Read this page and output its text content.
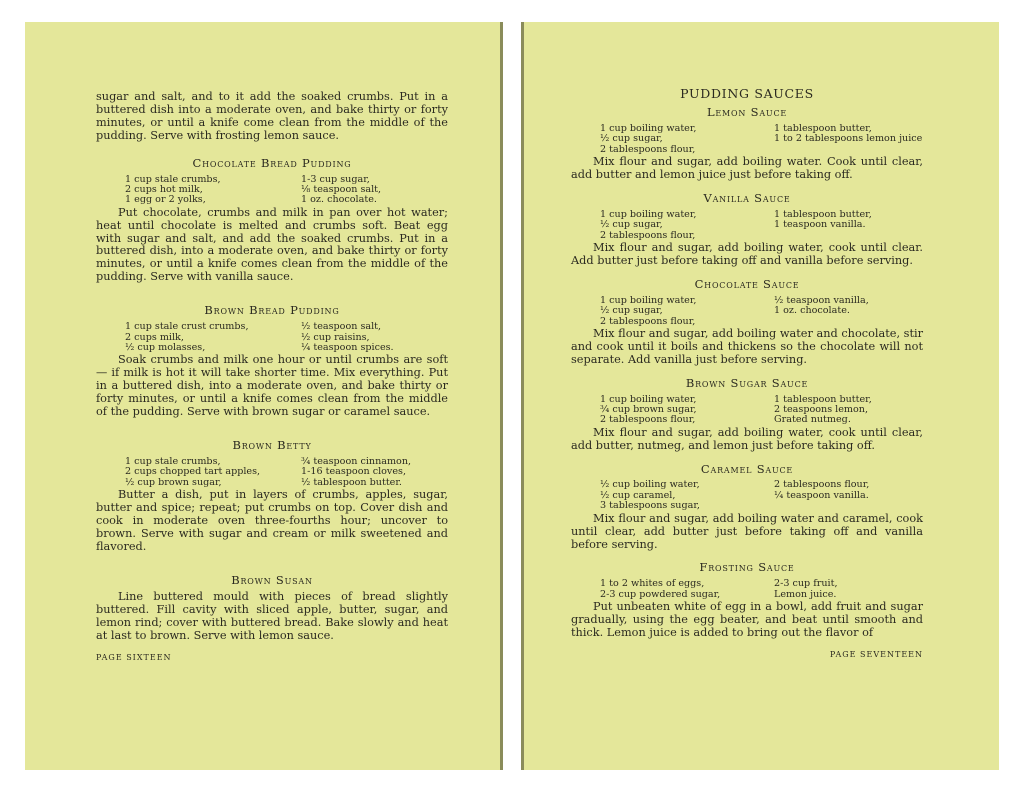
sugar and salt, and to it add the soaked crumbs. Put in a buttered dish into a moderate oven, and bake thirty or forty minutes, or until a knife come clean from the middle of the pudding. Serve with frosting lemon sauce.

Chocolate Bread Pudding
1 cup stale crumbs,	1-3 cup sugar,
2 cups hot milk,	⅛ teaspoon salt,
1 egg or 2 yolks,	1 oz. chocolate.

Put chocolate, crumbs and milk in pan over hot water; heat until chocolate is melted and crumbs soft. Beat egg with sugar and salt, and add the soaked crumbs. Put in a buttered dish, into a moderate oven, and bake thirty or forty minutes, or until a knife comes clean from the middle of the pudding. Serve with vanilla sauce.

Brown Bread Pudding
1 cup stale crust crumbs,	½ teaspoon salt,
2 cups milk,	½ cup raisins,
½ cup molasses,	¼ teaspoon spices.

Soak crumbs and milk one hour or until crumbs are soft — if milk is hot it will take shorter time. Mix everything. Put in a buttered dish, into a moderate oven, and bake thirty or forty minutes, or until a knife comes clean from the middle of the pudding. Serve with brown sugar or caramel sauce.

Brown Betty
1 cup stale crumbs,	¾ teaspoon cinnamon,
2 cups chopped tart apples,	1-16 teaspoon cloves,
½ cup brown sugar,	½ tablespoon butter.

Butter a dish, put in layers of crumbs, apples, sugar, butter and spice; repeat; put crumbs on top. Cover dish and cook in moderate oven three-fourths hour; uncover to brown. Serve with sugar and cream or milk sweetened and flavored.

Brown Susan

Line buttered mould with pieces of bread slightly buttered. Fill cavity with sliced apple, butter, sugar, and lemon rind; cover with buttered bread. Bake slowly and heat at last to brown. Serve with lemon sauce.

PAGE SIXTEEN
PUDDING SAUCES
Lemon Sauce
1 cup boiling water,	1 tablespoon butter,
½ cup sugar,	1 to 2 tablespoons lemon juice
2 tablespoons flour,

Mix flour and sugar, add boiling water. Cook until clear, add butter and lemon juice just before taking off.

Vanilla Sauce
1 cup boiling water,	1 tablespoon butter,
½ cup sugar,	1 teaspoon vanilla.
2 tablespoons flour,

Mix flour and sugar, add boiling water, cook until clear. Add butter just before taking off and vanilla before serving.

Chocolate Sauce
1 cup boiling water,	½ teaspoon vanilla,
½ cup sugar,	1 oz. chocolate.
2 tablespoons flour,

Mix flour and sugar, add boiling water and chocolate, stir and cook until it boils and thickens so the chocolate will not separate. Add vanilla just before serving.

Brown Sugar Sauce
1 cup boiling water,	1 tablespoon butter,
¾ cup brown sugar,	2 teaspoons lemon,
2 tablespoons flour,	Grated nutmeg.

Mix flour and sugar, add boiling water, cook until clear, add butter, nutmeg, and lemon just before taking off.

Caramel Sauce
½ cup boiling water,	2 tablespoons flour,
½ cup caramel,	¼ teaspoon vanilla.
3 tablespoons sugar,

Mix flour and sugar, add boiling water and caramel, cook until clear, add butter just before taking off and vanilla before serving.

Frosting Sauce
1 to 2 whites of eggs,	2-3 cup fruit,
2-3 cup powdered sugar,	Lemon juice.

Put unbeaten white of egg in a bowl, add fruit and sugar gradually, using the egg beater, and beat until smooth and thick. Lemon juice is added to bring out the flavor of

PAGE SEVENTEEN
